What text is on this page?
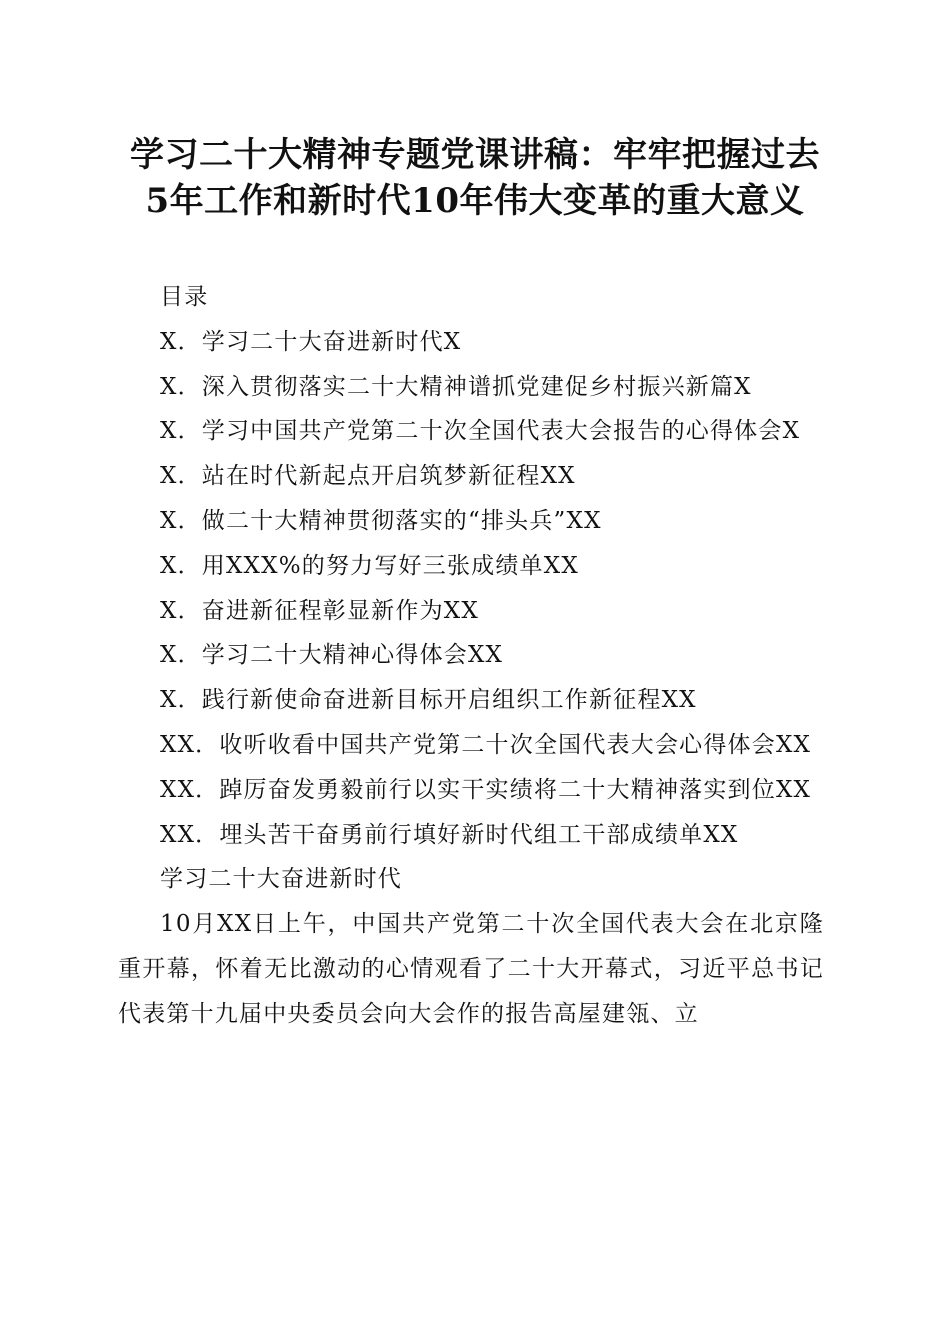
学习二十大精神专题党课讲稿：牢牢把握过去
5年工作和新时代10年伟大变革的重大意义

目录

X．学习二十大奋进新时代X
X．深入贯彻落实二十大精神谱抓党建促乡村振兴新篇X
X．学习中国共产党第二十次全国代表大会报告的心得体会X
X．站在时代新起点开启筑梦新征程XX
X．做二十大精神贯彻落实的“排头兵”XX
X．用XXX%的努力写好三张成绩单XX
X．奋进新征程彰显新作为XX
X．学习二十大精神心得体会XX
X．践行新使命奋进新目标开启组织工作新征程XX
XX．收听收看中国共产党第二十次全国代表大会心得体会XX
XX．踔厉奋发勇毅前行以实干实绩将二十大精神落实到位XX
XX．埋头苦干奋勇前行填好新时代组工干部成绩单XX

学习二十大奋进新时代

10月XX日上午，中国共产党第二十次全国代表大会在北京隆重开幕，怀着无比激动的心情观看了二十大开幕式，习近平总书记代表第十九届中央委员会向大会作的报告高屋建瓴、立
